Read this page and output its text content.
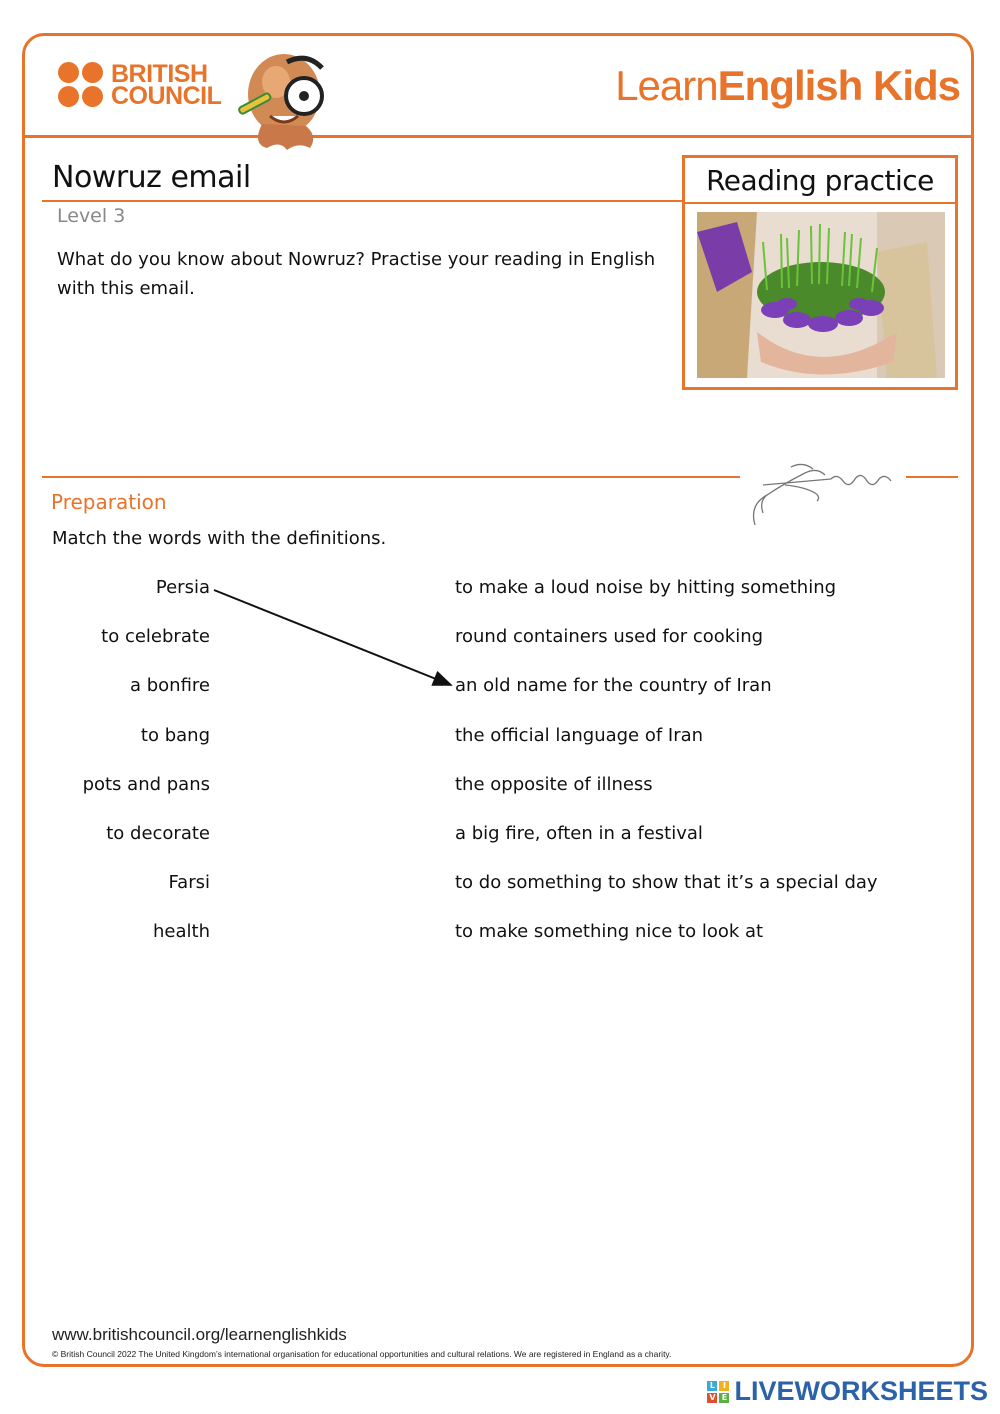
BRITISH
COUNCIL	LearnEnglish Kids
Nowruz email
Level 3
What do you know about Nowruz? Practise your reading in English with this email.
Reading practice
Preparation
Match the words with the definitions.
Persia
to celebrate
a bonfire
to bang
pots and pans
to decorate
Farsi
health
to make a loud noise by hitting something
round containers used for cooking
an old name for the country of Iran
the official language of Iran
the opposite of illness
a big fire, often in a festival
to do something to show that it’s a special day
to make something nice to look at
www.britishcouncil.org/learnenglishkids
© British Council 2022 The United Kingdom’s international organisation for educational opportunities and cultural relations. We are registered in England as a charity.
L I
V E LIVEWORKSHEETS
